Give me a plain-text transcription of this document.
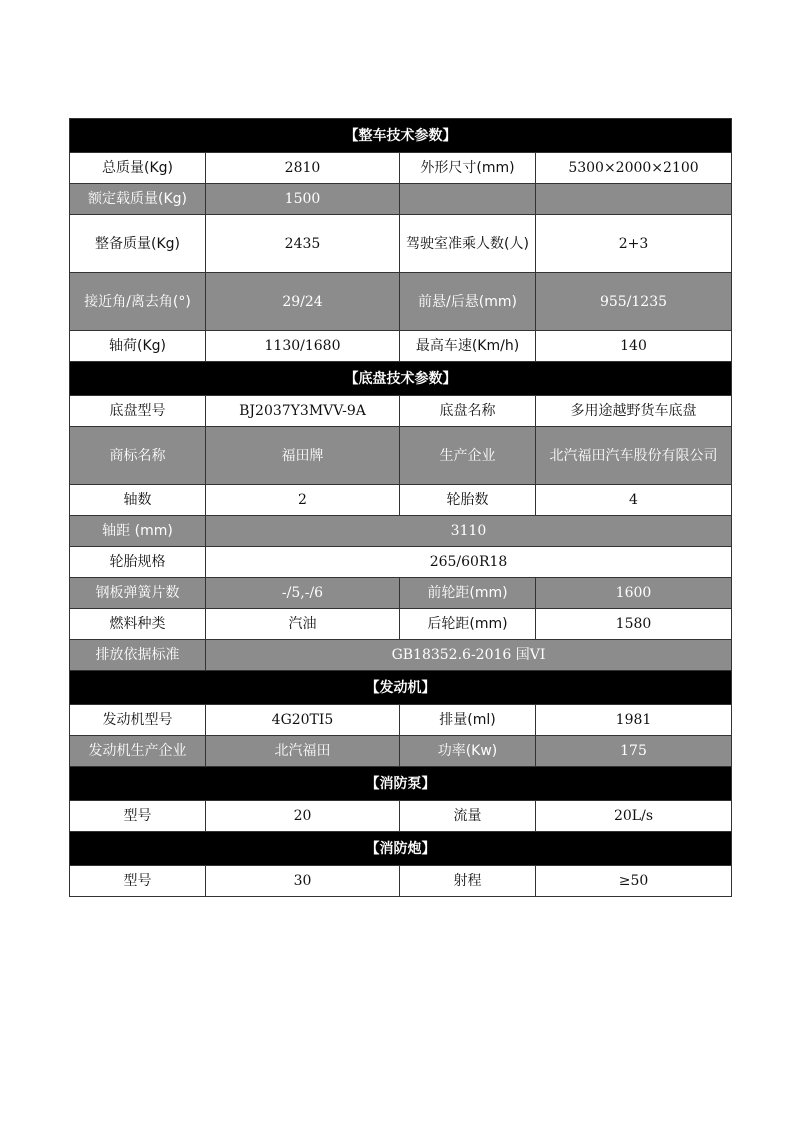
【整车技术参数】			
总质量(Kg)	2810	外形尺寸(mm)	5300×2000×2100
额定载质量(Kg)	1500		
整备质量(Kg)	2435	驾驶室准乘人数(人)	2+3
接近角/离去角(°)	29/24	前悬/后悬(mm)	955/1235
轴荷(Kg)	1130/1680	最高车速(Km/h)	140
【底盘技术参数】			
底盘型号	BJ2037Y3MVV-9A	底盘名称	多用途越野货车底盘
商标名称	福田牌	生产企业	北汽福田汽车股份有限公司
轴数	2	轮胎数	4
轴距 (mm)	3110		
轮胎规格	265/60R18		
钢板弹簧片数	-/5,-/6	前轮距(mm)	1600
燃料种类	汽油	后轮距(mm)	1580
排放依据标准	GB18352.6-2016 国VI		
【发动机】			
发动机型号	4G20TI5	排量(ml)	1981
发动机生产企业	北汽福田	功率(Kw)	175
【消防泵】			
型号	20	流量	20L/s
【消防炮】			
型号	30	射程	≥50
